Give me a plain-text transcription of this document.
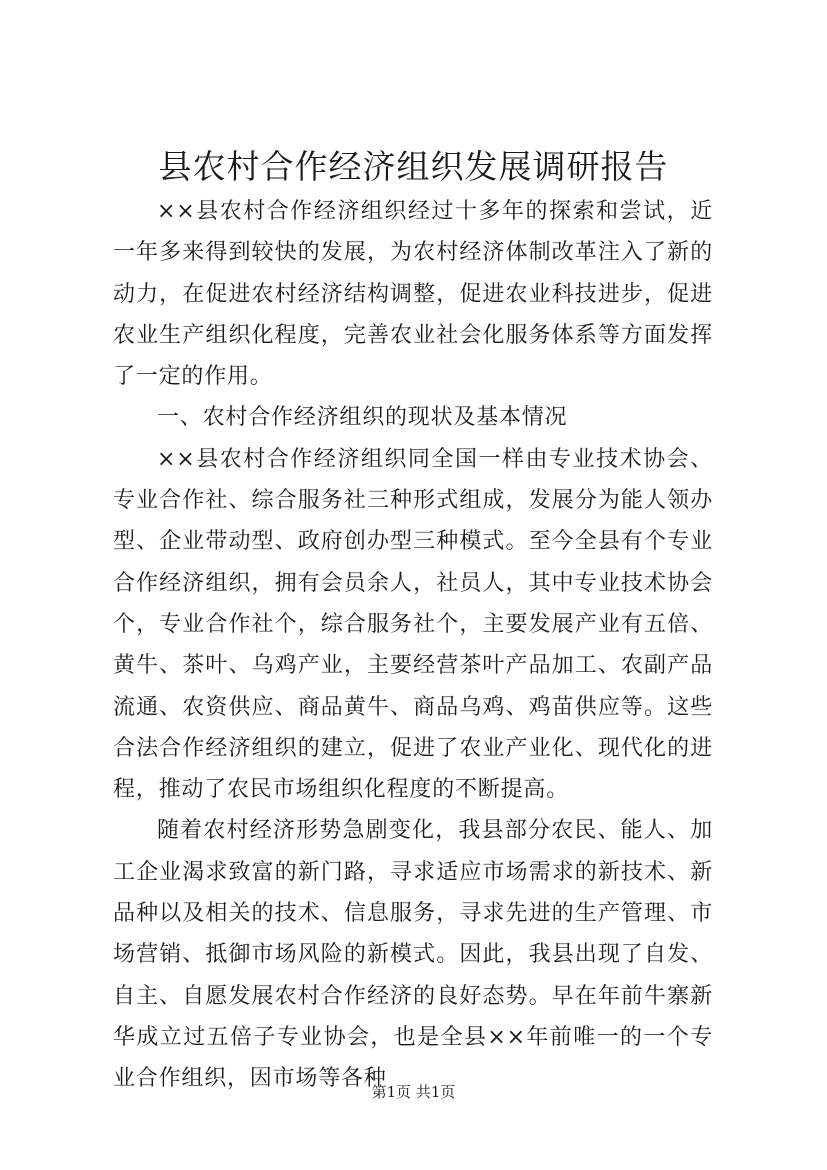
县农村合作经济组织发展调研报告

××县农村合作经济组织经过十多年的探索和尝试，近一年多来得到较快的发展，为农村经济体制改革注入了新的动力，在促进农村经济结构调整，促进农业科技进步，促进农业生产组织化程度，完善农业社会化服务体系等方面发挥了一定的作用。

一、农村合作经济组织的现状及基本情况

××县农村合作经济组织同全国一样由专业技术协会、专业合作社、综合服务社三种形式组成，发展分为能人领办型、企业带动型、政府创办型三种模式。至今全县有个专业合作经济组织，拥有会员余人，社员人，其中专业技术协会个，专业合作社个，综合服务社个，主要发展产业有五倍、黄牛、茶叶、乌鸡产业，主要经营茶叶产品加工、农副产品流通、农资供应、商品黄牛、商品乌鸡、鸡苗供应等。这些合法合作经济组织的建立，促进了农业产业化、现代化的进程，推动了农民市场组织化程度的不断提高。

随着农村经济形势急剧变化，我县部分农民、能人、加工企业渴求致富的新门路，寻求适应市场需求的新技术、新品种以及相关的技术、信息服务，寻求先进的生产管理、市场营销、抵御市场风险的新模式。因此，我县出现了自发、自主、自愿发展农村合作经济的良好态势。早在年前牛寨新华成立过五倍子专业协会，也是全县××年前唯一的一个专业合作组织，因市场等各种

第1页 共1页
